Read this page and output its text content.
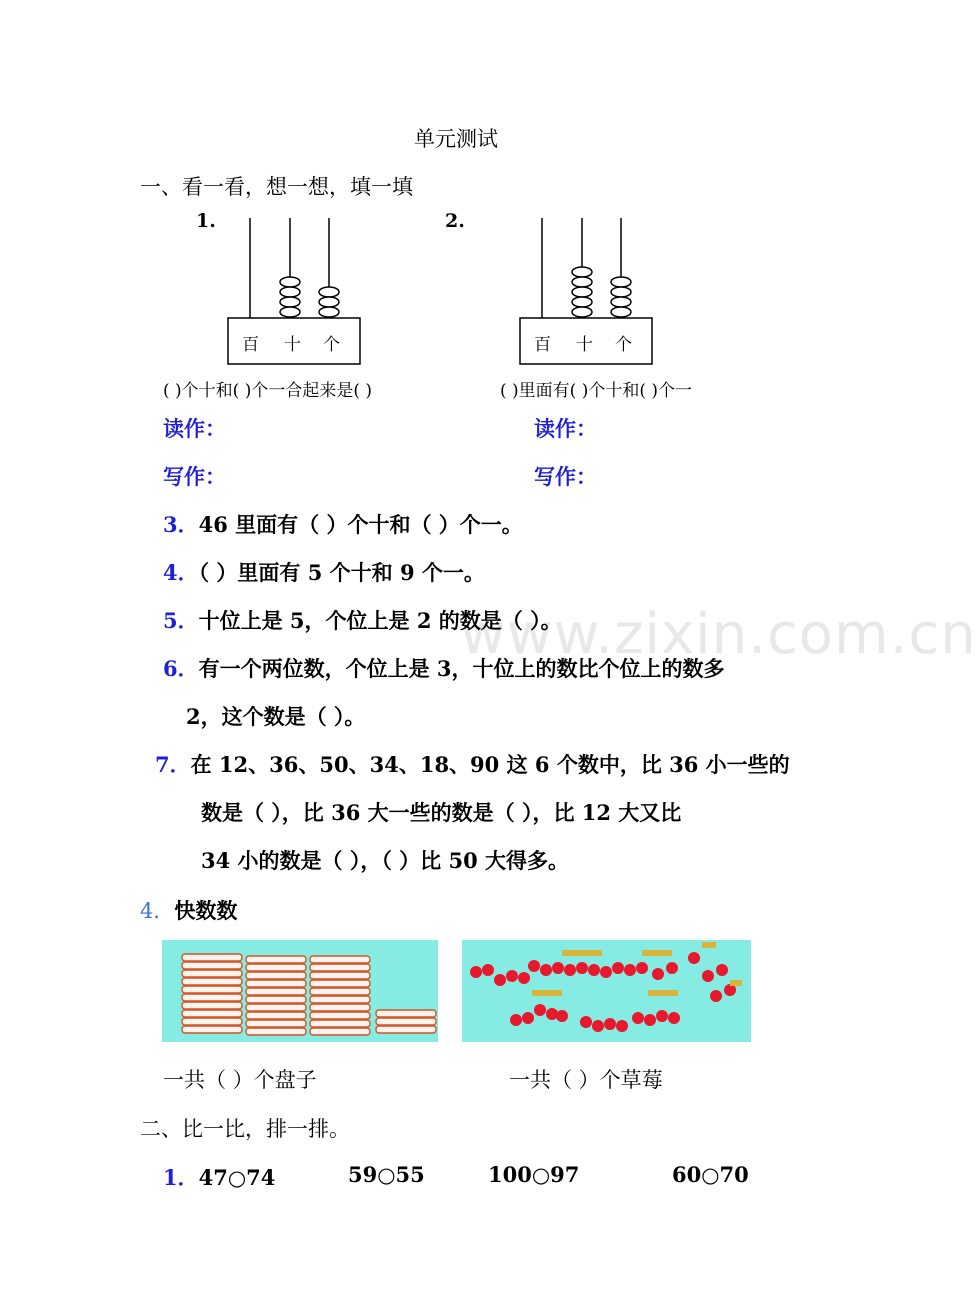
单元测试
一、看一看，想一想，填一填
1.
百 十 个
( )个十和( )个一合起来是( )
2.
百 十 个
( )里面有( )个十和( )个一
读作：	读作：
写作：	写作：
www.zixin.com.cn
3．46 里面有（ ）个十和（ ）个一。
4．（ ）里面有 5 个十和 9 个一。
5．十位上是 5，个位上是 2 的数是（ ）。
6．有一个两位数，个位上是 3，十位上的数比个位上的数多
2，这个数是（ ）。
7．在 12、36、50、34、18、90 这 6 个数中，比 36 小一些的
数是（ ），比 36 大一些的数是（ ），比 12 大又比
34 小的数是（ ），（ ）比 50 大得多。
4．快数数
一共（ ）个盘子	一共（ ）个草莓
二、比一比，排一排。
1．47○74	59○55	100○97	60○70
